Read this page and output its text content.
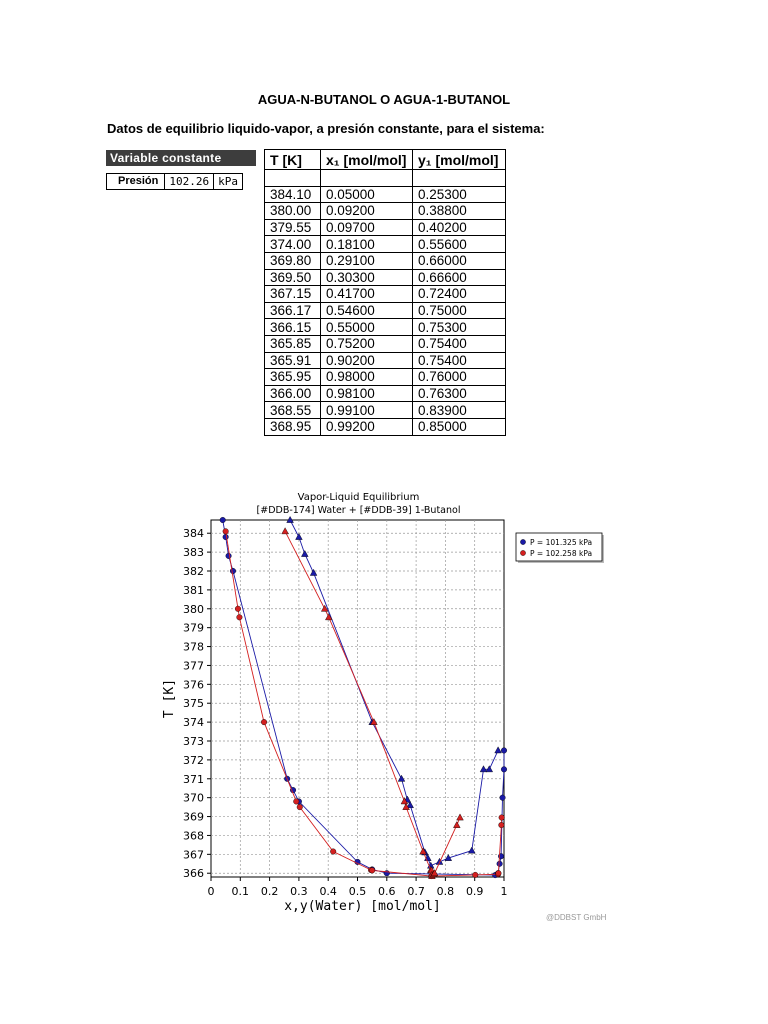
AGUA-N-BUTANOL O AGUA-1-BUTANOL
Datos de equilibrio liquido-vapor, a presión constante, para el sistema:
Variable constante
Presión	102.26	kPa
T [K]	x₁ [mol/mol]	y₁ [mol/mol]

384.10	0.05000	0.25300
380.00	0.09200	0.38800
379.55	0.09700	0.40200
374.00	0.18100	0.55600
369.80	0.29100	0.66000
369.50	0.30300	0.66600
367.15	0.41700	0.72400
366.17	0.54600	0.75000
366.15	0.55000	0.75300
365.85	0.75200	0.75400
365.91	0.90200	0.75400
365.95	0.98000	0.76000
366.00	0.98100	0.76300
368.55	0.99100	0.83900
368.95	0.99200	0.85000
Vapor-Liquid Equilibrium
[#DDB-174] Water + [#DDB-39] 1-Butanol
0 0.1 0.2 0.3 0.4 0.5 0.6 0.7 0.8 0.9 1
366
367
368
369
370
371
372
373
374
375
376
377
378
379
380
381
382
383
384
x,y(Water) [mol/mol]
T [K]
P = 101.325 kPa
P = 102.258 kPa
@DDBST GmbH
